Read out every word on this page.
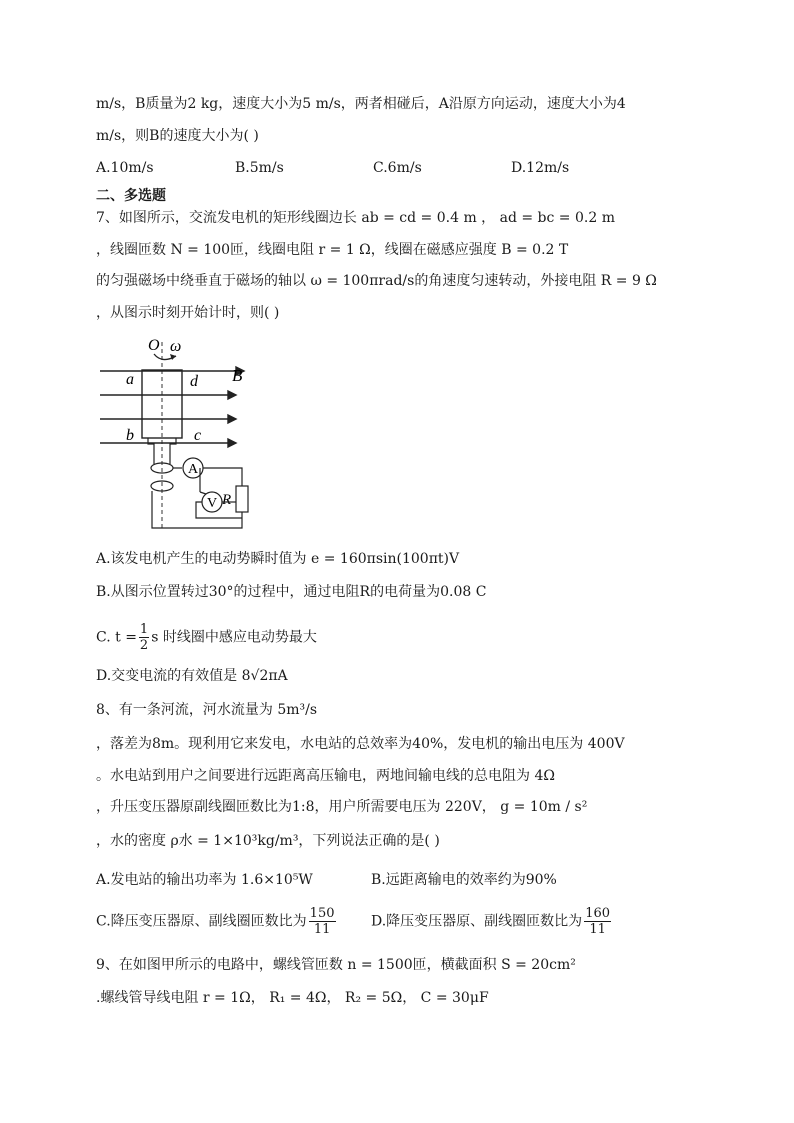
m/s，B质量为2 kg，速度大小为5 m/s，两者相碰后，A沿原方向运动，速度大小为4
m/s，则B的速度大小为( )
A.10m/s	B.5m/s	C.6m/s	D.12m/s
二、多选题
7、如图所示，交流发电机的矩形线圈边长 ab = cd = 0.4 m ， ad = bc = 0.2 m
，线圈匝数 N = 100匝，线圈电阻 r = 1 Ω，线圈在磁感应强度 B = 0.2 T
的匀强磁场中绕垂直于磁场的轴以 ω = 100πrad/s的角速度匀速转动，外接电阻 R = 9 Ω
，从图示时刻开始计时，则( )
O ω
a	d
b	c
B
A
R
V
A.该发电机产生的电动势瞬时值为 e = 160πsin(100πt)V
B.从图示位置转过30°的过程中，通过电阻R的电荷量为0.08 C
C. $t = \frac{1}{2}$ s 时线圈中感应电动势最大
D.交变电流的有效值是 8√2πA
8、有一条河流，河水流量为 5m³/s
，落差为8m。现利用它来发电，水电站的总效率为40%，发电机的输出电压为 400V
。水电站到用户之间要进行远距离高压输电，两地间输电线的总电阻为 4Ω
，升压变压器原副线圈匝数比为1:8，用户所需要电压为 220V， g = 10m / s²
，水的密度 ρ水 = 1×10³kg/m³，下列说法正确的是( )
A.发电站的输出功率为 1.6×10⁵W	B.远距离输电的效率约为90%
C.降压变压器原、副线圈匝数比为 $\frac{150}{11}$	D.降压变压器原、副线圈匝数比为 $\frac{160}{11}$
9、在如图甲所示的电路中，螺线管匝数 n = 1500匝，横截面积 S = 20cm²
.螺线管导线电阻 r = 1Ω， R₁ = 4Ω， R₂ = 5Ω， C = 30μF
